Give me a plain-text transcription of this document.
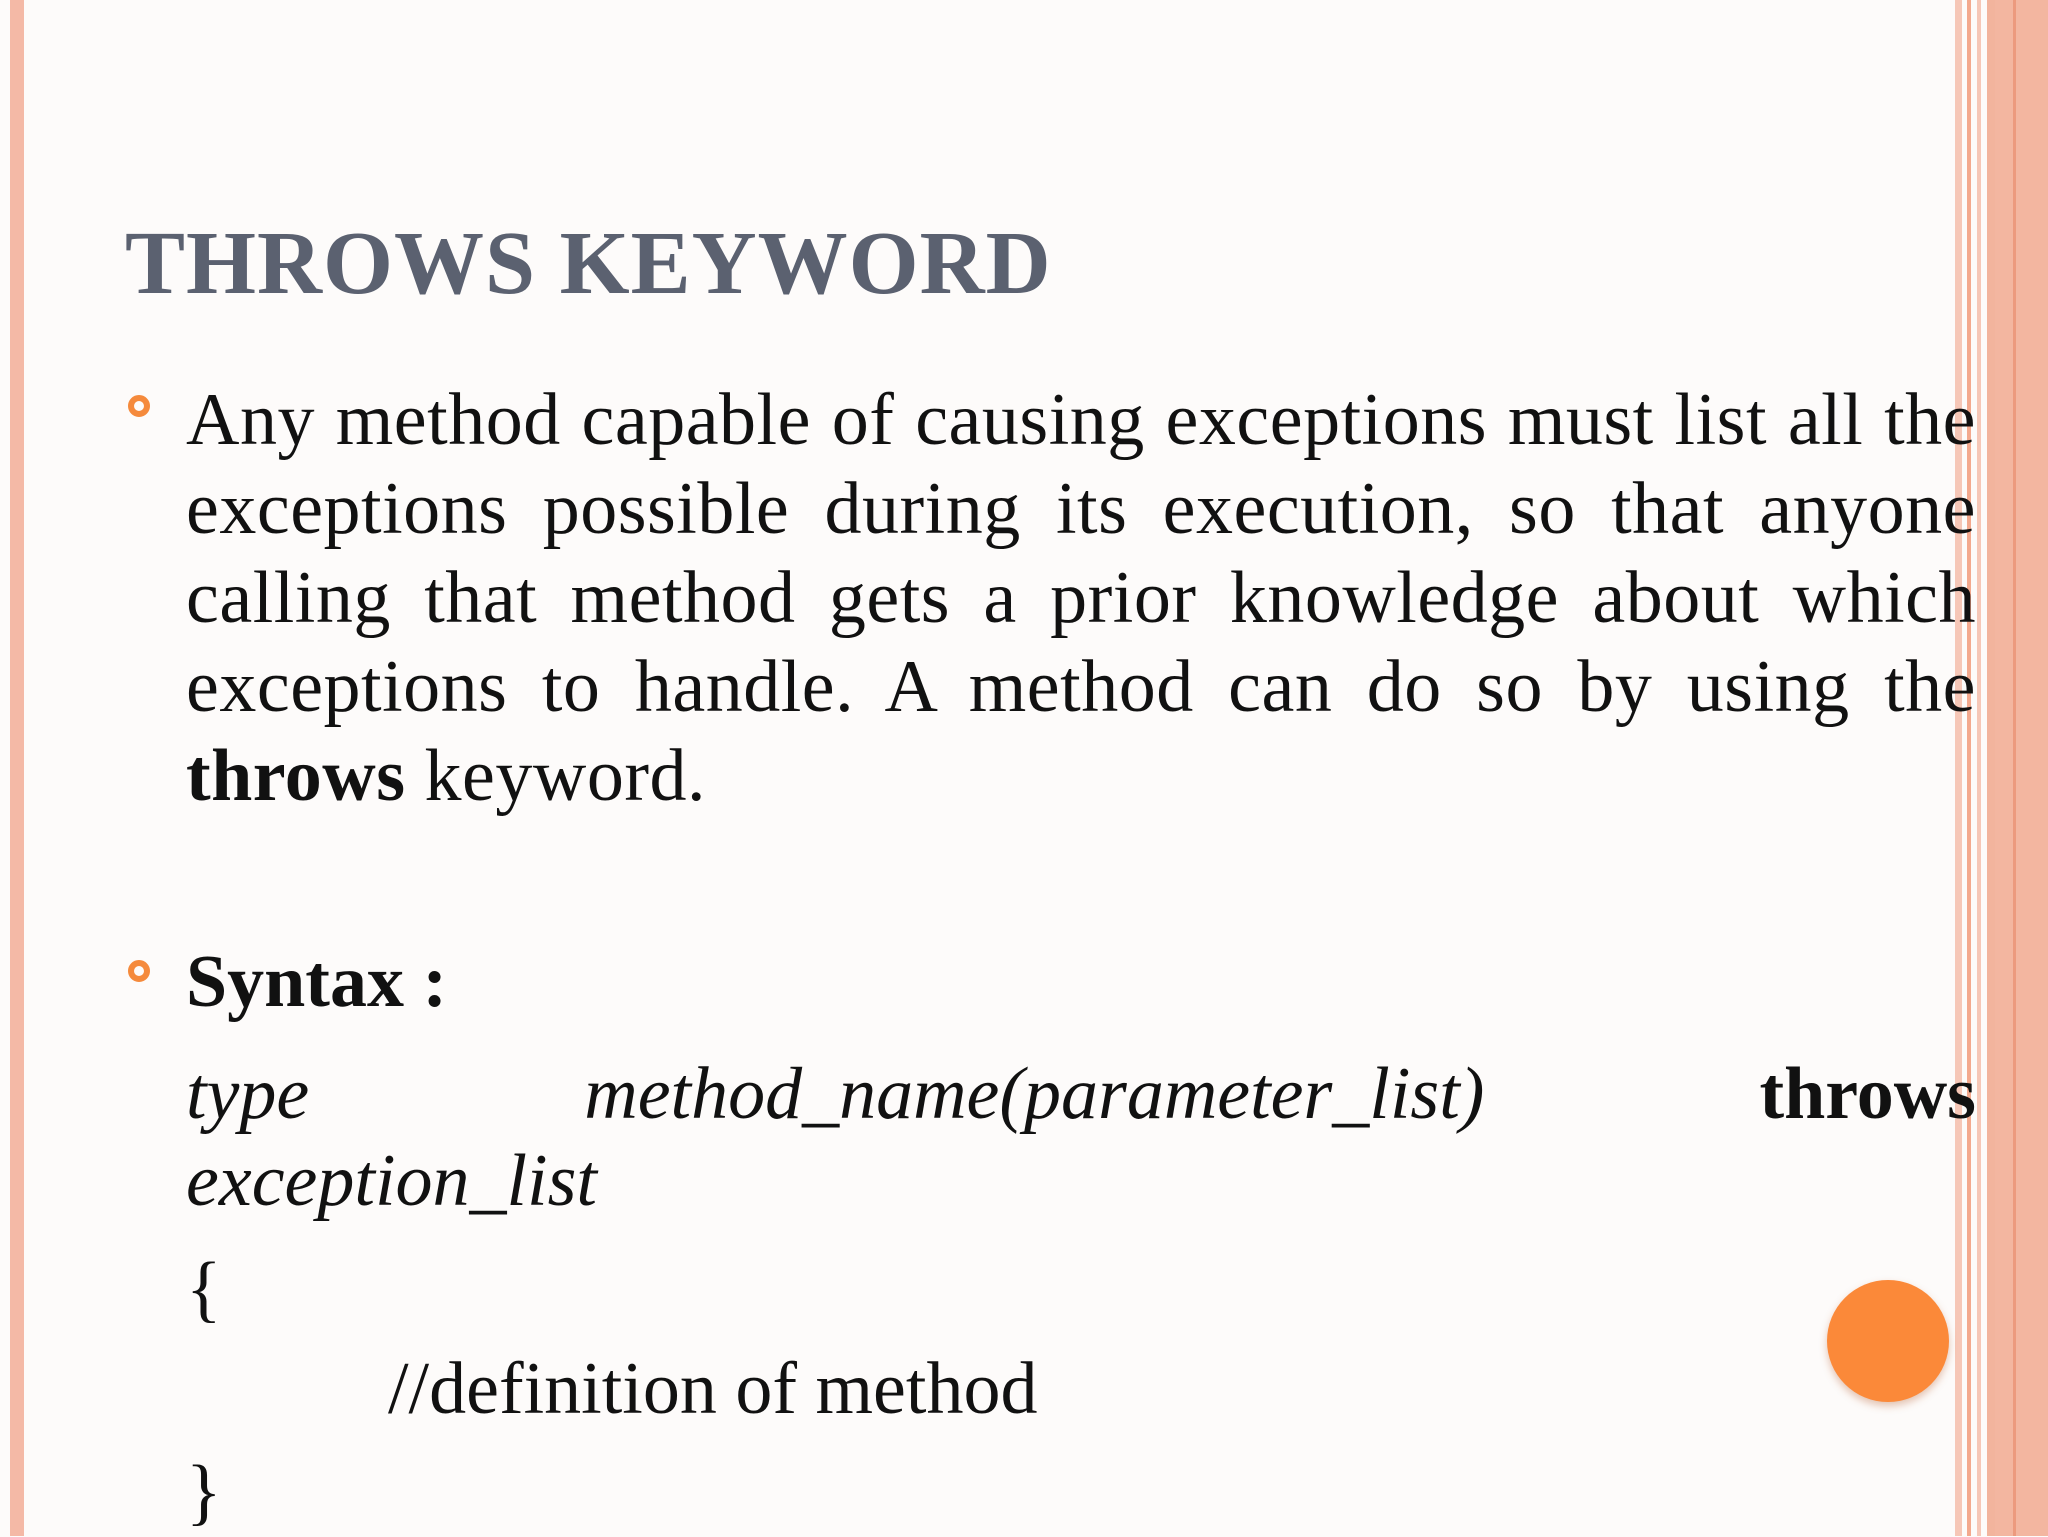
THROWS KEYWORD

Any method capable of causing exceptions must list all the exceptions possible during its execution, so that anyone calling that method gets a prior knowledge about which exceptions to handle. A method can do so by using the throws keyword.

Syntax :

type	method_name(parameter_list)	throws
exception_list
{
//definition of method
}
